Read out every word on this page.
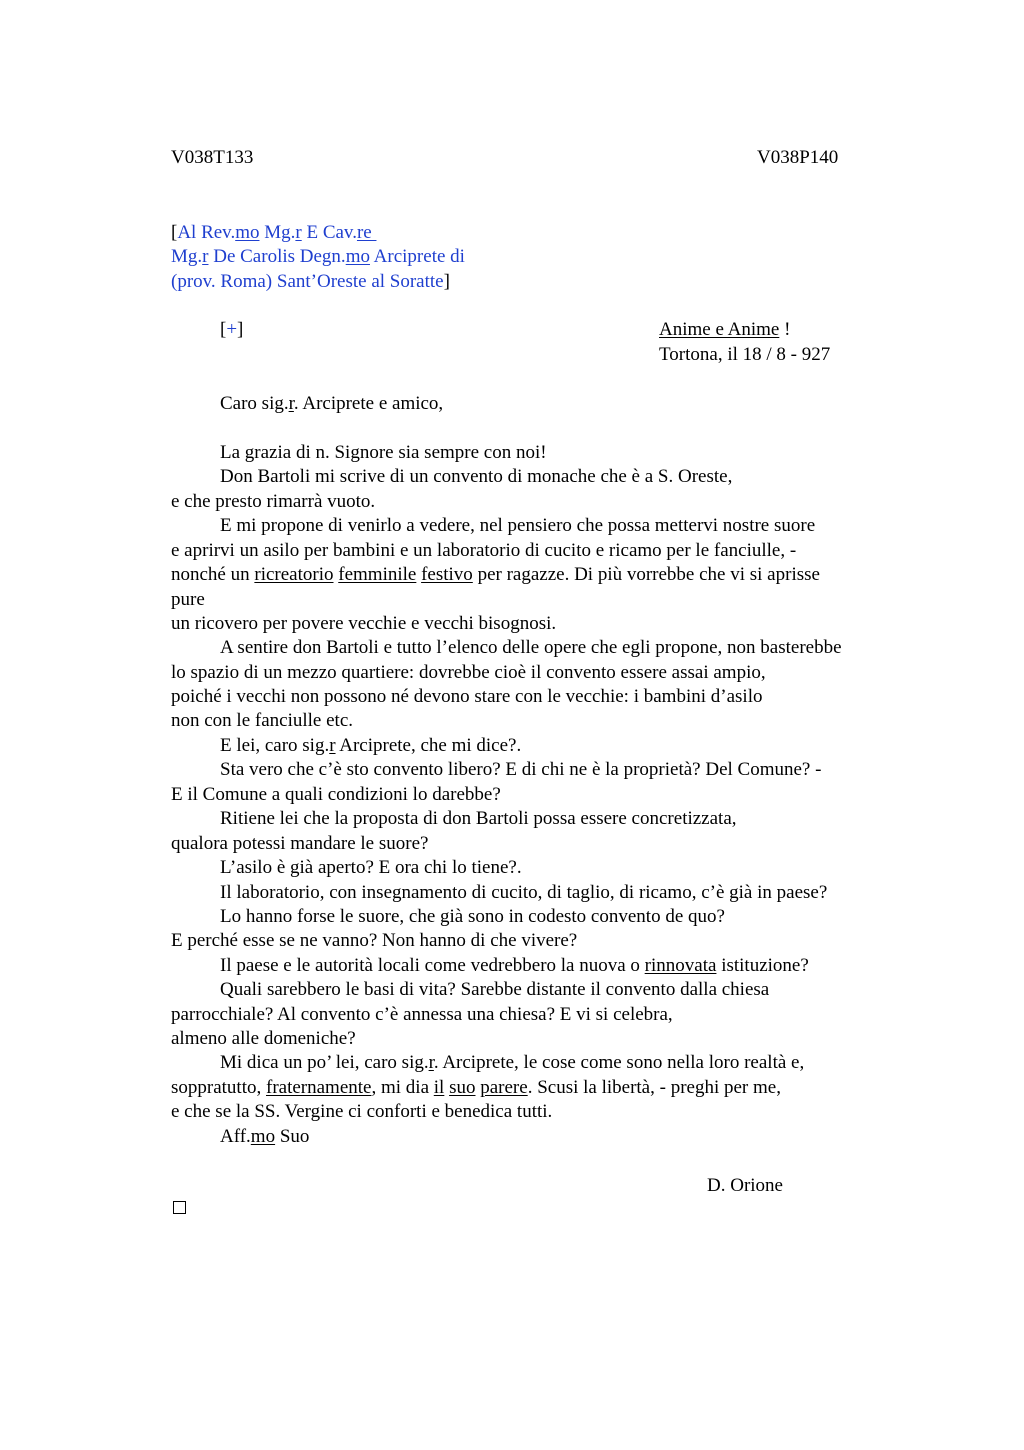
V038T133	V038P140
[Al Rev.mo Mg.r E Cav.re
Mg.r De Carolis Degn.mo Arciprete di
(prov. Roma) Sant’Oreste al Soratte]
[+]	Anime e Anime !
Tortona, il 18 / 8 - 927
Caro sig.r. Arciprete e amico,
La grazia di n. Signore sia sempre con noi!
Don Bartoli mi scrive di un convento di monache che è a S. Oreste,
e che presto rimarrà vuoto.
E mi propone di venirlo a vedere, nel pensiero che possa mettervi nostre suore
e aprirvi un asilo per bambini e un laboratorio di cucito e ricamo per le fanciulle, -
nonché un ricreatorio femminile festivo per ragazze. Di più vorrebbe che vi si aprisse
pure
un ricovero per povere vecchie e vecchi bisognosi.
A sentire don Bartoli e tutto l’elenco delle opere che egli propone, non basterebbe
lo spazio di un mezzo quartiere: dovrebbe cioè il convento essere assai ampio,
poiché i vecchi non possono né devono stare con le vecchie: i bambini d’asilo
non con le fanciulle etc.
E lei, caro sig.r Arciprete, che mi dice?.
Sta vero che c’è sto convento libero? E di chi ne è la proprietà? Del Comune? -
E il Comune a quali condizioni lo darebbe?
Ritiene lei che la proposta di don Bartoli possa essere concretizzata,
qualora potessi mandare le suore?
L’asilo è già aperto? E ora chi lo tiene?.
Il laboratorio, con insegnamento di cucito, di taglio, di ricamo, c’è già in paese?
Lo hanno forse le suore, che già sono in codesto convento de quo?
E perché esse se ne vanno? Non hanno di che vivere?
Il paese e le autorità locali come vedrebbero la nuova o rinnovata istituzione?
Quali sarebbero le basi di vita? Sarebbe distante il convento dalla chiesa
parrocchiale? Al convento c’è annessa una chiesa? E vi si celebra,
almeno alle domeniche?
Mi dica un po’ lei, caro sig.r. Arciprete, le cose come sono nella loro realtà e,
soppratutto, fraternamente, mi dia il suo parere. Scusi la libertà, - preghi per me,
e che se la SS. Vergine ci conforti e benedica tutti.
Aff.mo Suo
D. Orione
